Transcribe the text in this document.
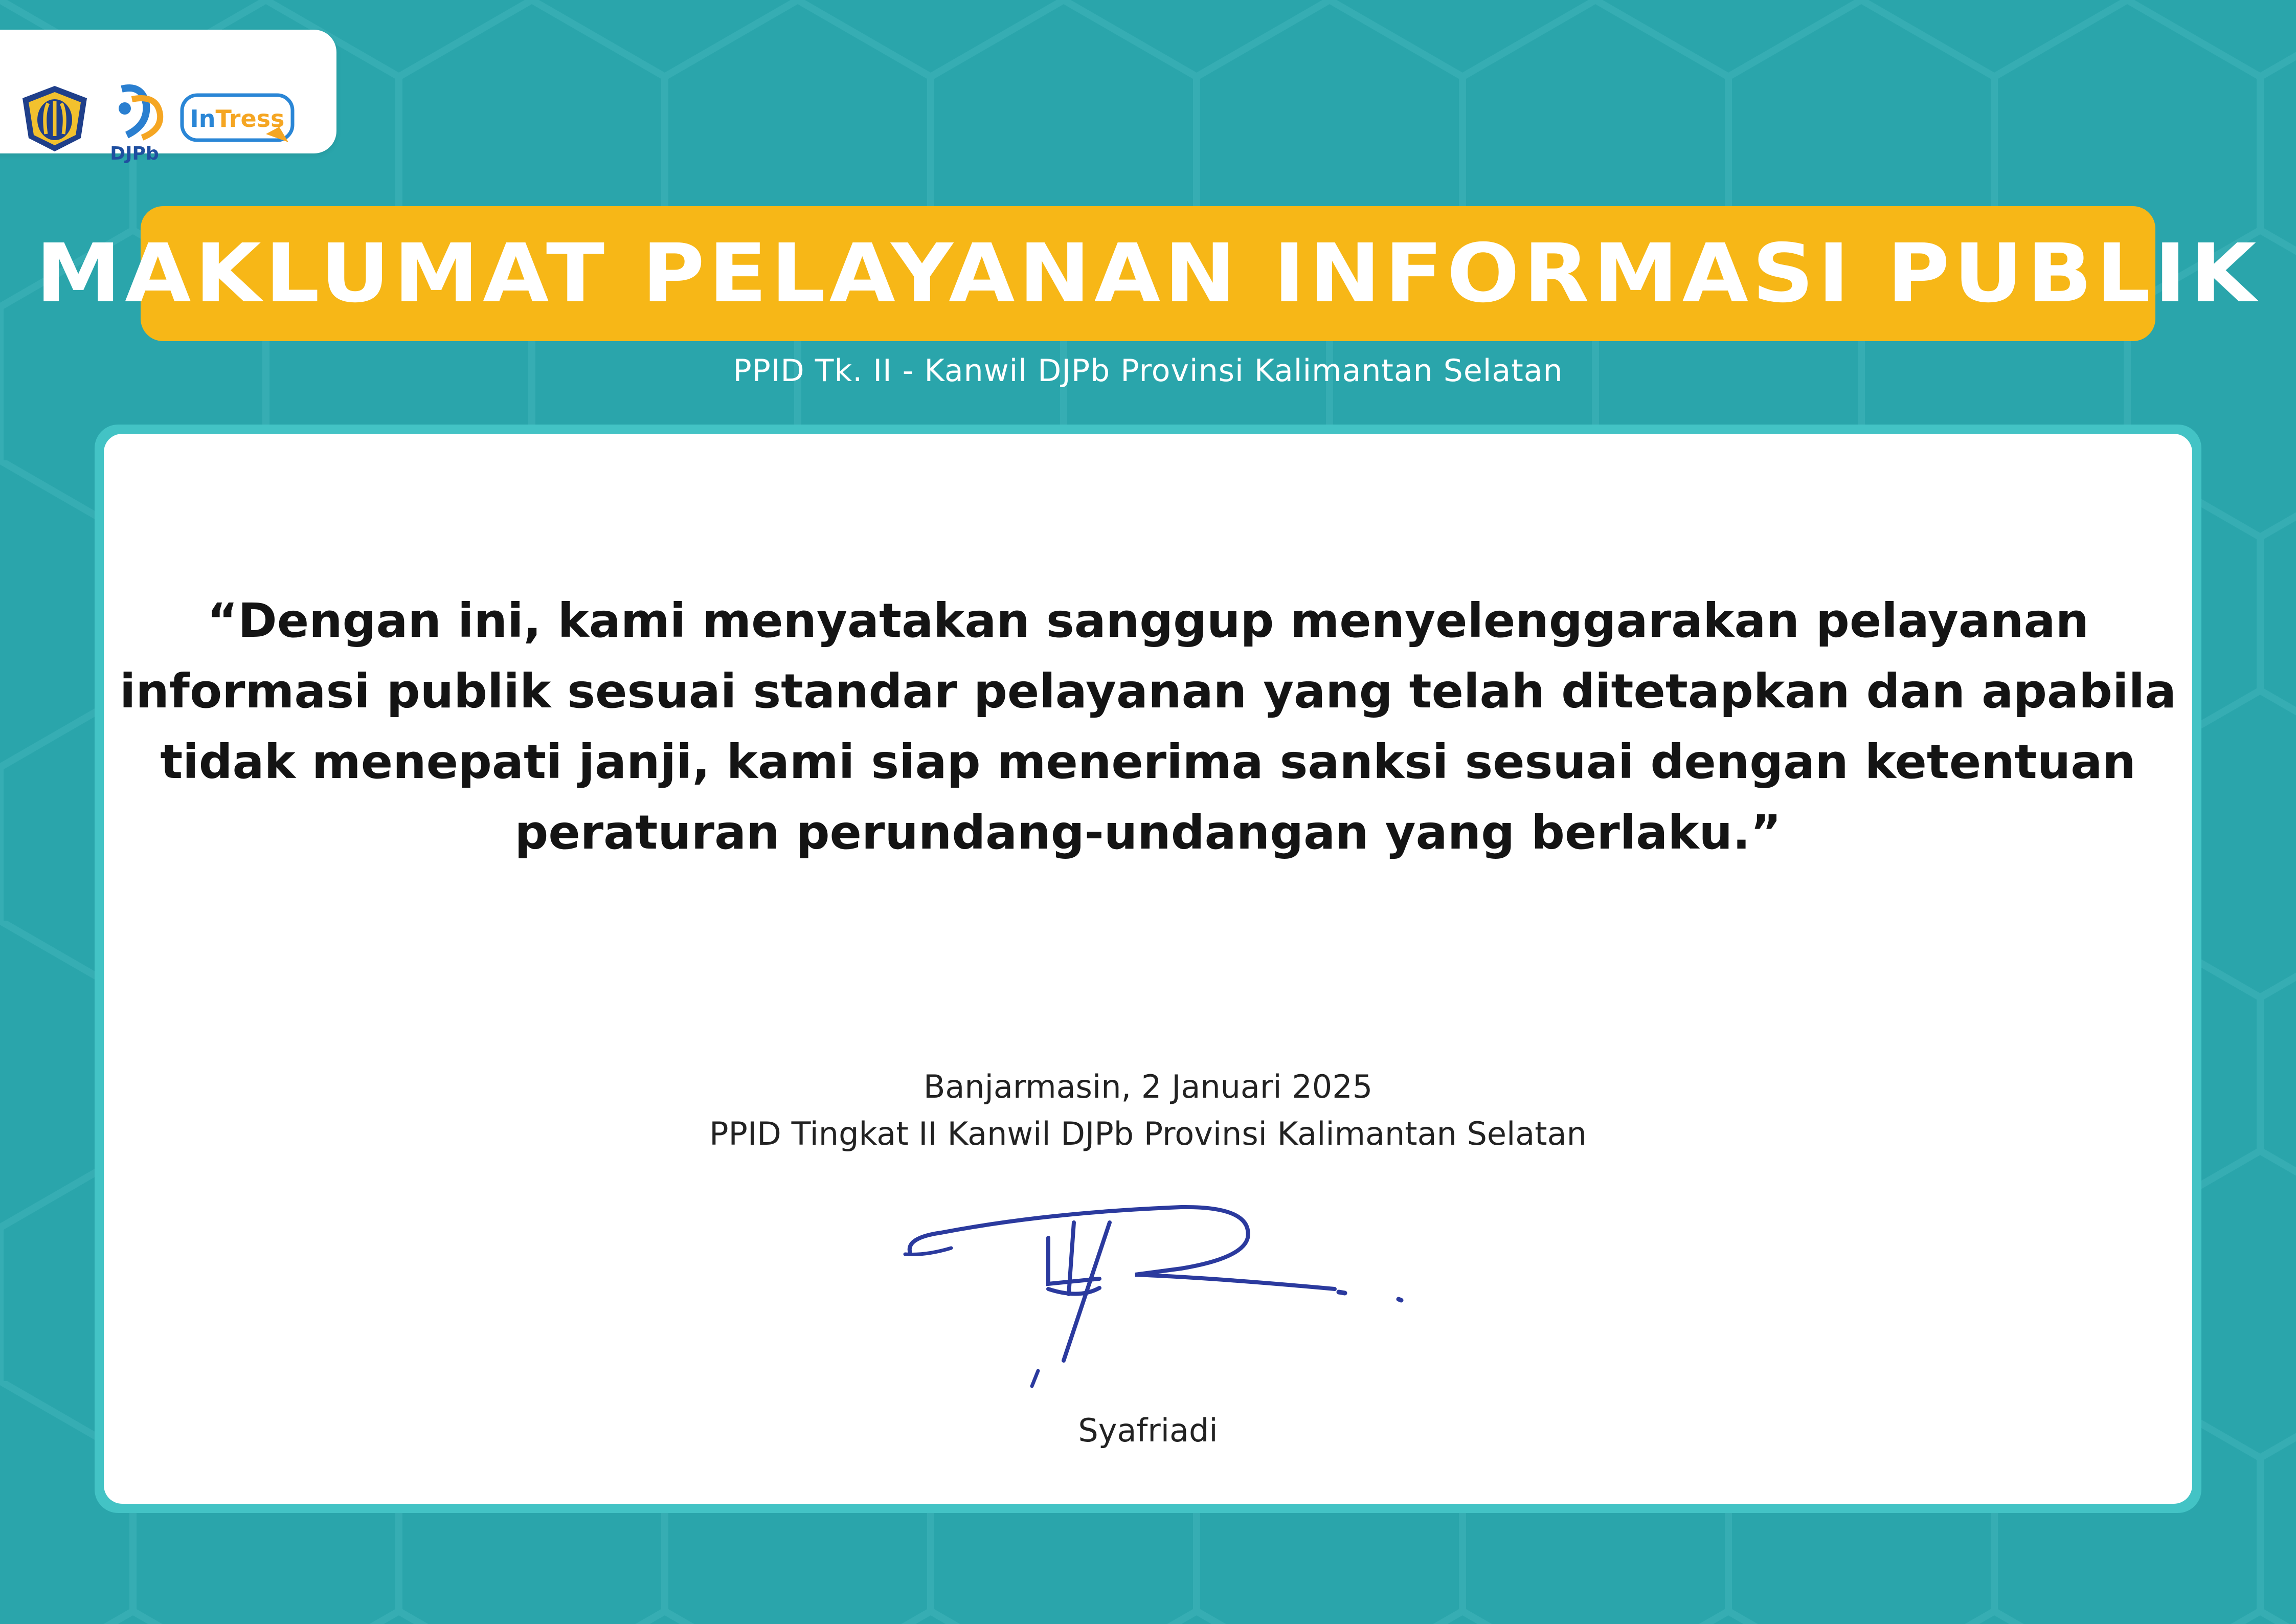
DJPb
InTress
MAKLUMAT PELAYANAN INFORMASI PUBLIK
PPID Tk. II - Kanwil DJPb Provinsi Kalimantan Selatan

“Dengan ini, kami menyatakan sanggup menyelenggarakan pelayanan informasi publik sesuai standar pelayanan yang telah ditetapkan dan apabila tidak menepati janji, kami siap menerima sanksi sesuai dengan ketentuan peraturan perundang-undangan yang berlaku.”

Banjarmasin, 2 Januari 2025
PPID Tingkat II Kanwil DJPb Provinsi Kalimantan Selatan
Syafriadi
